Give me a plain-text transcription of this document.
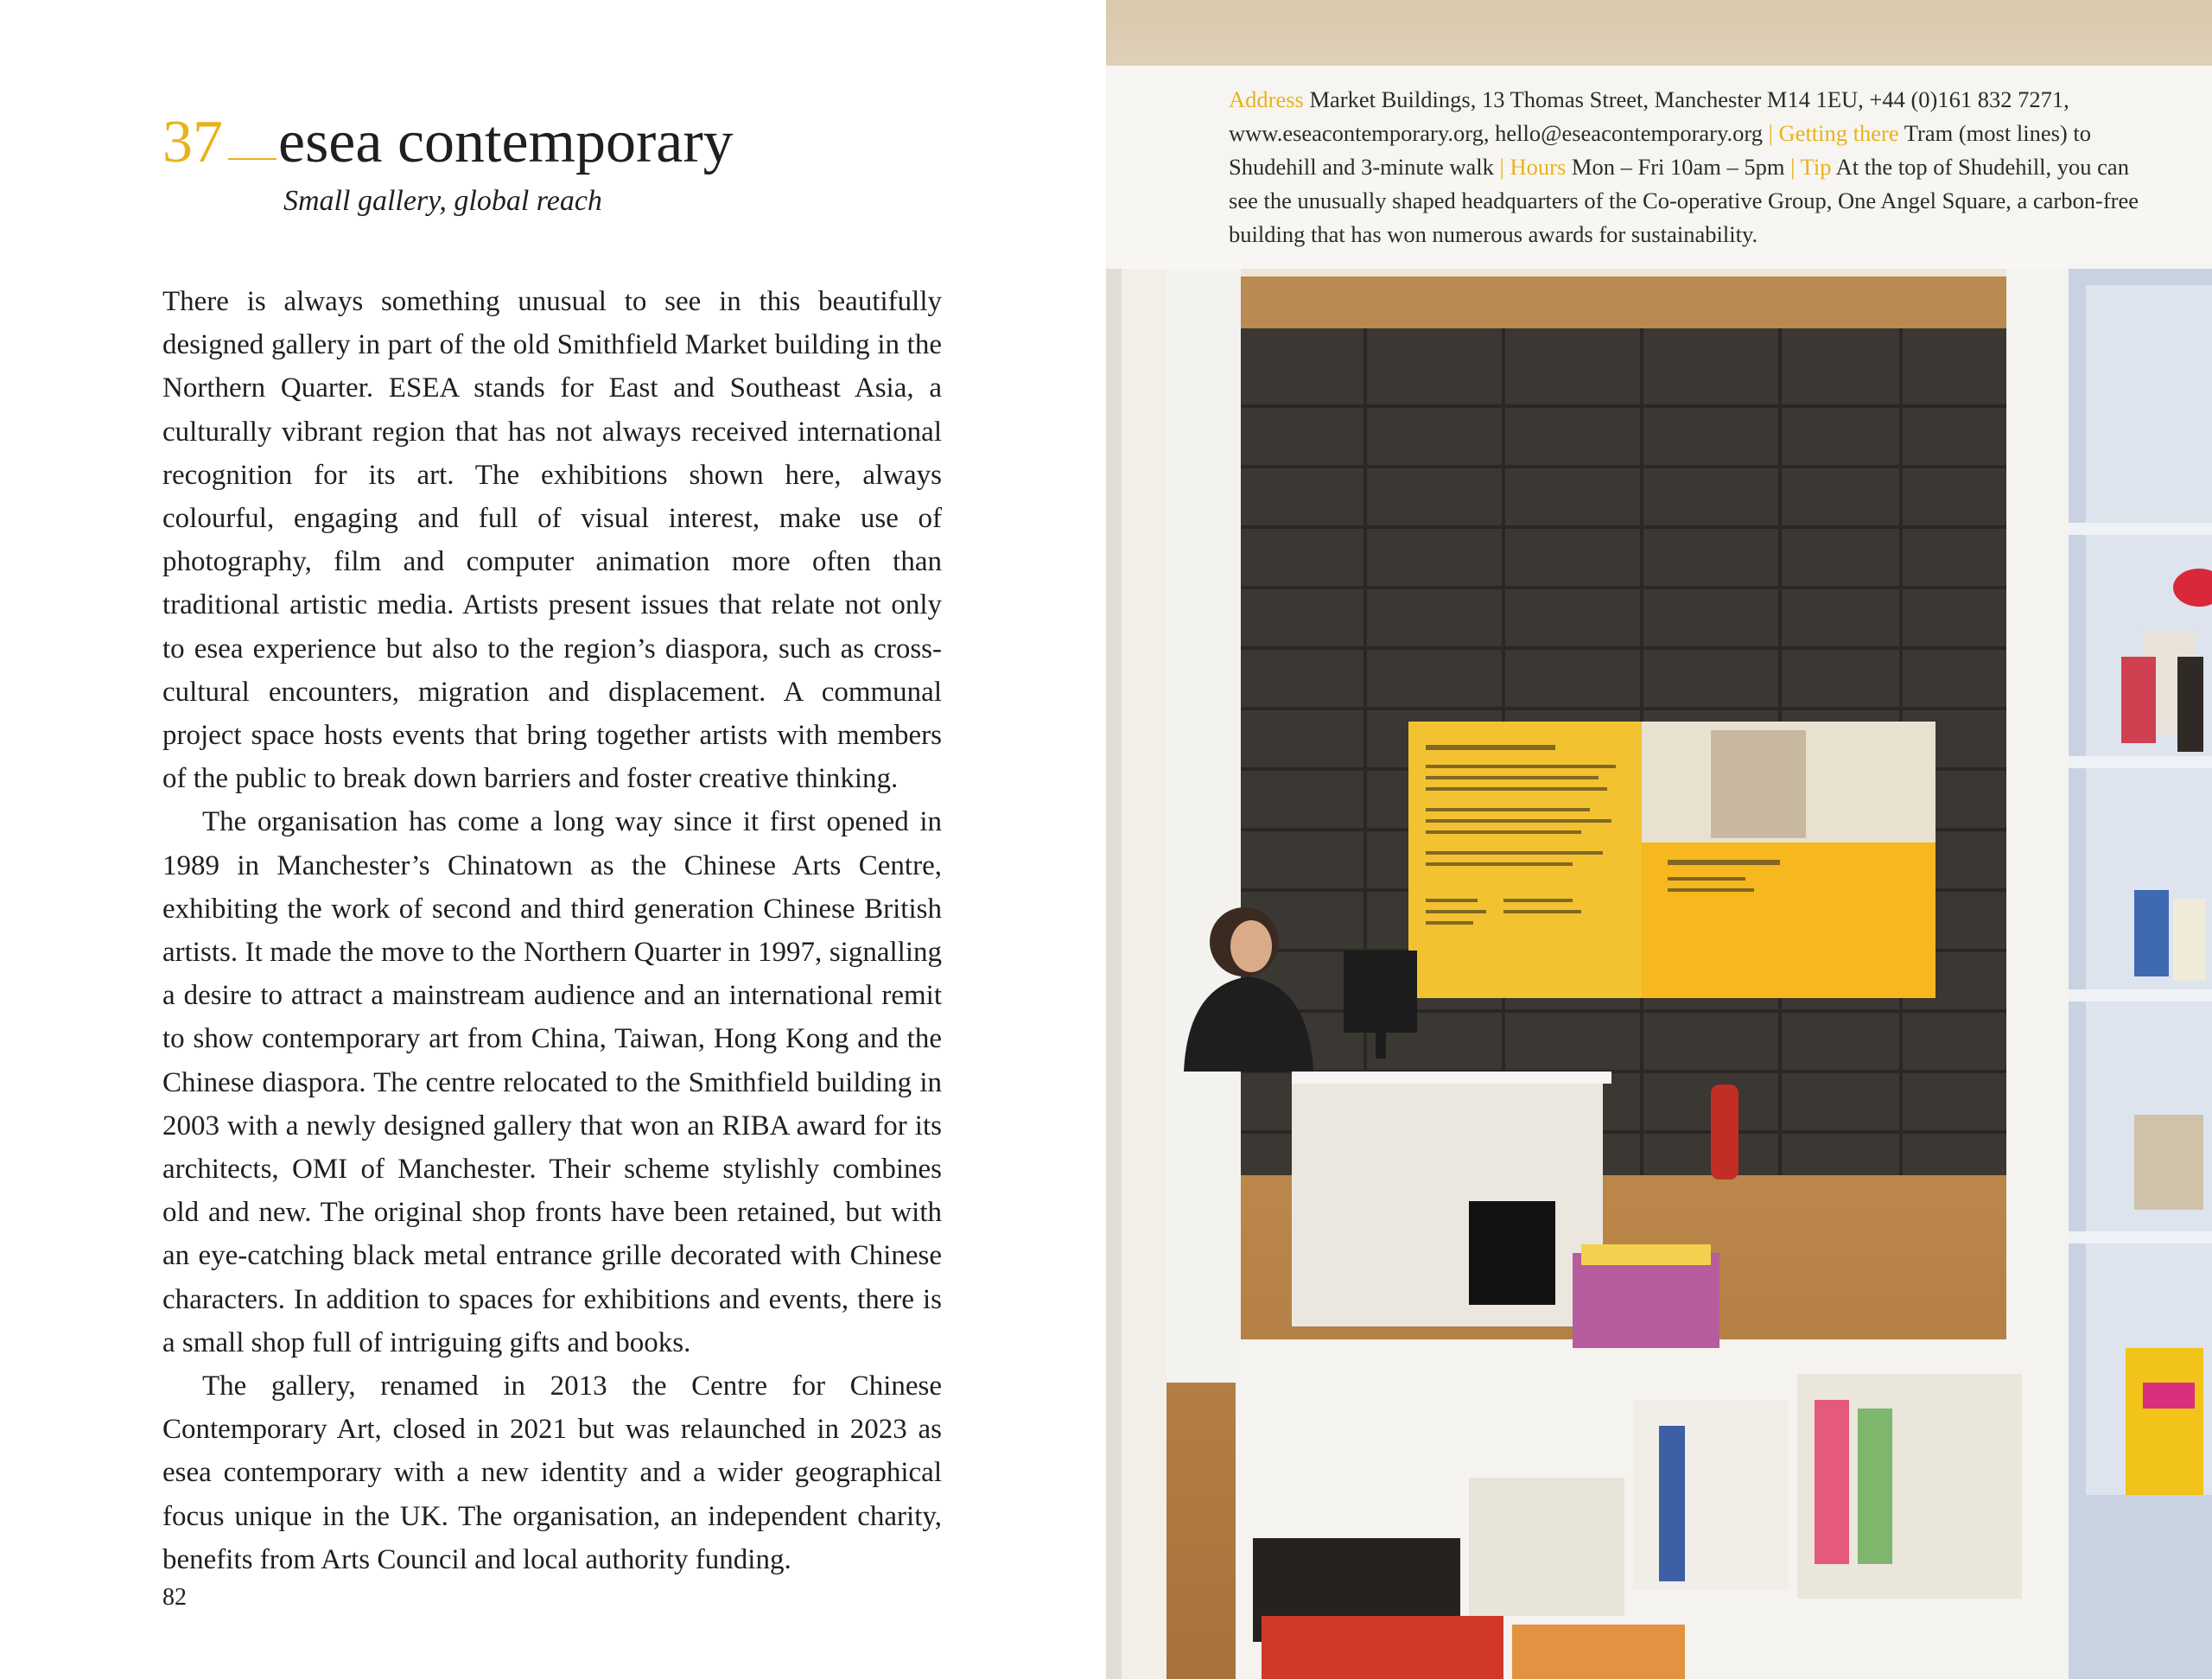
37 esea contemporary
Small gallery, global reach

There is always something unusual to see in this beautifully designed gallery in part of the old Smithfield Market building in the Northern Quarter. ESEA stands for East and Southeast Asia, a culturally vibrant region that has not always received international recognition for its art. The exhibitions shown here, always colourful, engaging and full of visual interest, make use of photography, film and computer animation more often than traditional artistic media. Artists present issues that relate not only to esea experience but also to the region’s diaspora, such as cross-cultural encounters, migration and displacement. A communal project space hosts events that bring together artists with members of the public to break down barriers and foster creative thinking.

The organisation has come a long way since it first opened in 1989 in Manchester’s Chinatown as the Chinese Arts Centre, exhibiting the work of second and third generation Chinese British artists. It made the move to the Northern Quarter in 1997, signalling a desire to attract a mainstream audience and an international remit to show contemporary art from China, Taiwan, Hong Kong and the Chinese diaspora. The centre relocated to the Smithfield building in 2003 with a newly designed gallery that won an RIBA award for its architects, OMI of Manchester. Their scheme stylishly combines old and new. The original shop fronts have been retained, but with an eye-catching black metal entrance grille decorated with Chinese characters. In addition to spaces for exhibitions and events, there is a small shop full of intriguing gifts and books.

The gallery, renamed in 2013 the Centre for Chinese Contemporary Art, closed in 2021 but was relaunched in 2023 as esea contemporary with a new identity and a wider geographical focus unique in the UK. The organisation, an independent charity, benefits from Arts Council and local authority funding.

82
Address Market Buildings, 13 Thomas Street, Manchester M14 1EU, +44 (0)161 832 7271, www.eseacontemporary.org, hello@eseacontemporary.org | Getting there Tram (most lines) to Shudehill and 3-minute walk | Hours Mon – Fri 10am – 5pm | Tip At the top of Shudehill, you can see the unusually shaped headquarters of the Co-operative Group, One Angel Square, a carbon-free building that has won numerous awards for sustainability.
